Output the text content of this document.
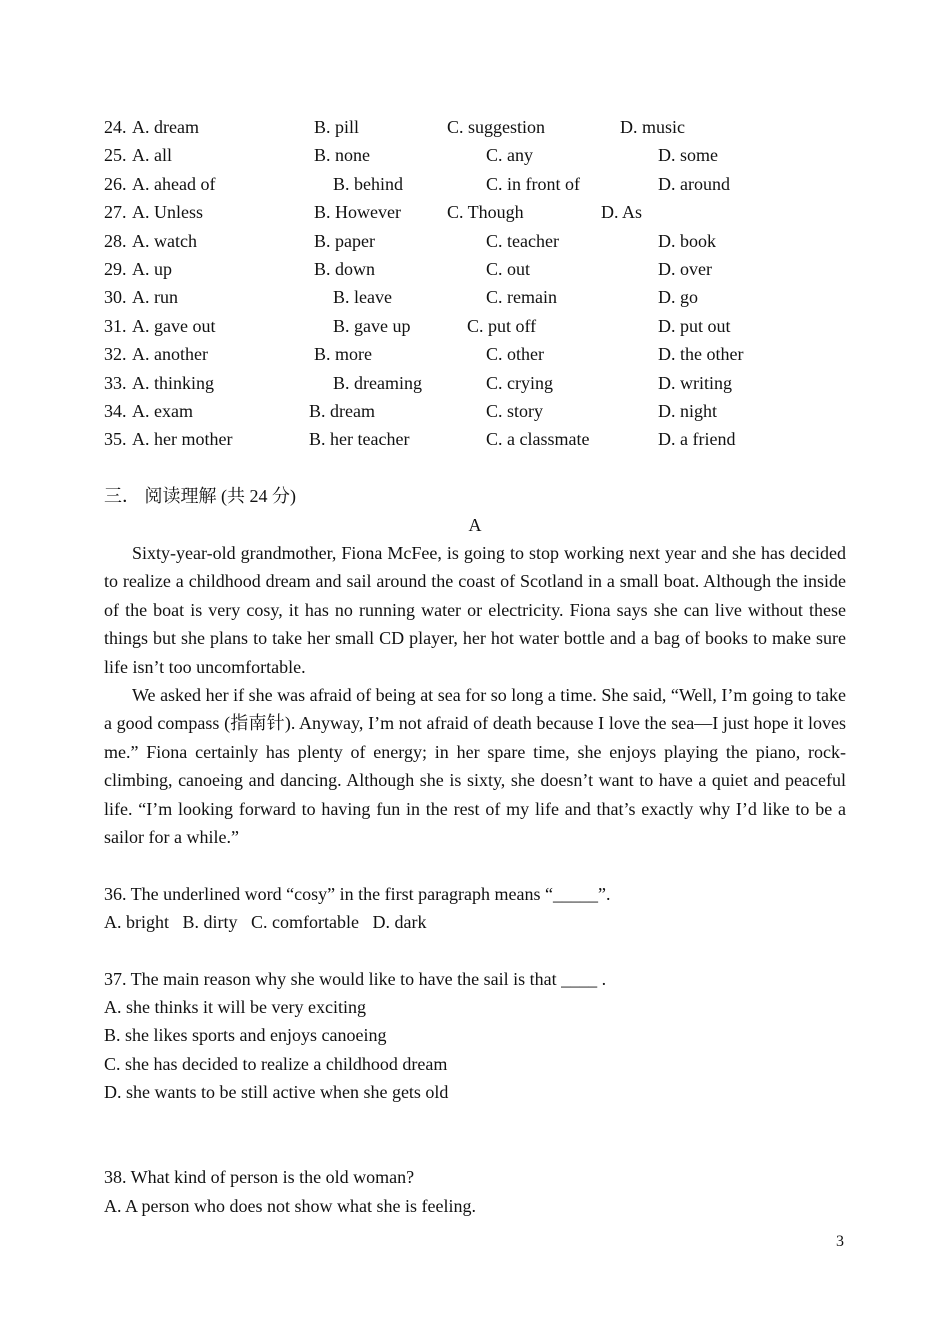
24. A. dream	B. pill	C. suggestion	D. music
25. A. all	B. none	C. any	D. some
26. A. ahead of	B. behind	C. in front of	D. around
27. A. Unless	B. However	C. Though	D. As
28. A. watch	B. paper	C. teacher	D. book
29. A. up	B. down	C. out	D. over
30. A. run	B. leave	C. remain	D. go
31. A. gave out	B. gave up	C. put off	D. put out
32. A. another	B. more	C. other	D. the other
33. A. thinking	B. dreaming	C. crying	D. writing
34. A. exam	B. dream	C. story	D. night
35. A. her mother	B. her teacher	C. a classmate	D. a friend
三． 阅读理解 (共 24 分)
A

Sixty-year-old grandmother, Fiona McFee, is going to stop working next year and she has decided to realize a childhood dream and sail around the coast of Scotland in a small boat. Although the inside of the boat is very cosy, it has no running water or electricity. Fiona says she can live without these things but she plans to take her small CD player, her hot water bottle and a bag of books to make sure life isn’t too uncomfortable.

We asked her if she was afraid of being at sea for so long a time. She said, “Well, I’m going to take a good compass (指南针). Anyway, I’m not afraid of death because I love the sea—I just hope it loves me.” Fiona certainly has plenty of energy; in her spare time, she enjoys playing the piano, rock-climbing, canoeing and dancing. Although she is sixty, she doesn’t want to have a quiet and peaceful life. “I’m looking forward to having fun in the rest of my life and that’s exactly why I’d like to be a sailor for a while.”

36. The underlined word “cosy” in the first paragraph means “_____”.
A. bright   B. dirty   C. comfortable   D. dark
37. The main reason why she would like to have the sail is that ____ .
A. she thinks it will be very exciting
B. she likes sports and enjoys canoeing
C. she has decided to realize a childhood dream
D. she wants to be still active when she gets old
38. What kind of person is the old woman?
A. A person who does not show what she is feeling.
3
